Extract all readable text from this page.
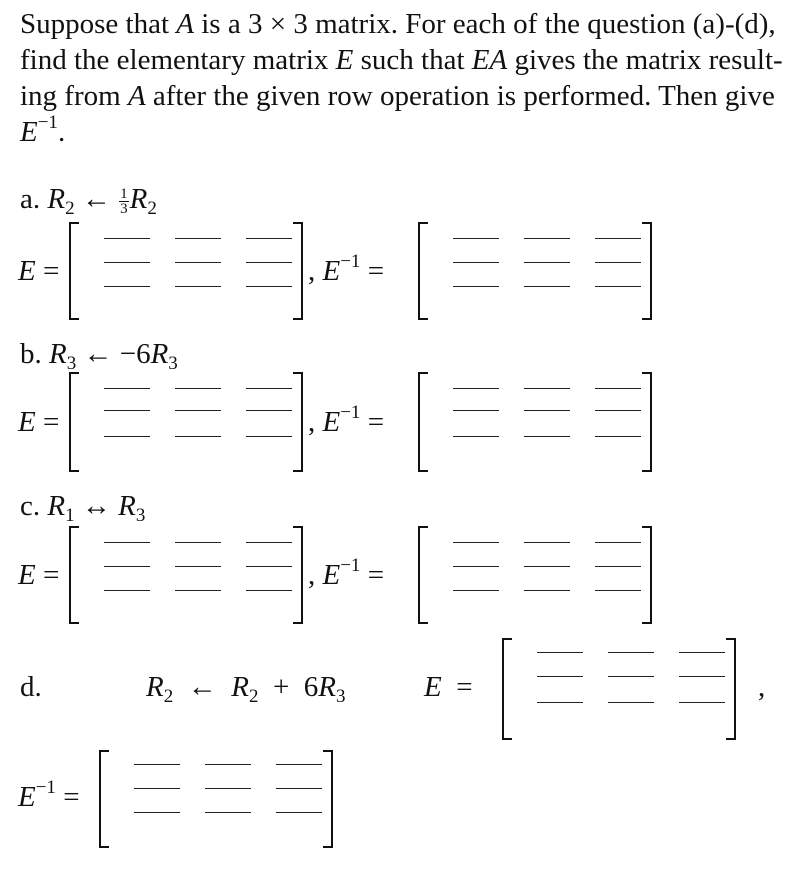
Suppose that A is a 3 × 3 matrix. For each of the question (a)-(d),
find the elementary matrix E such that EA gives the matrix result-
ing from A after the given row operation is performed. Then give
$E^{-1}$.
a. $R_2$ ← $\frac{1}{3} R_2$
E =	, $E^{-1}$ =
b. $R_3$ ← $-6R_3$
E =	, $E^{-1}$ =
c. $R_1$ ↔ $R_3$
E =	, $E^{-1}$ =
d.	$R_2$ ← $R_2 + 6R_3$	E =	,
$E^{-1}$ =
